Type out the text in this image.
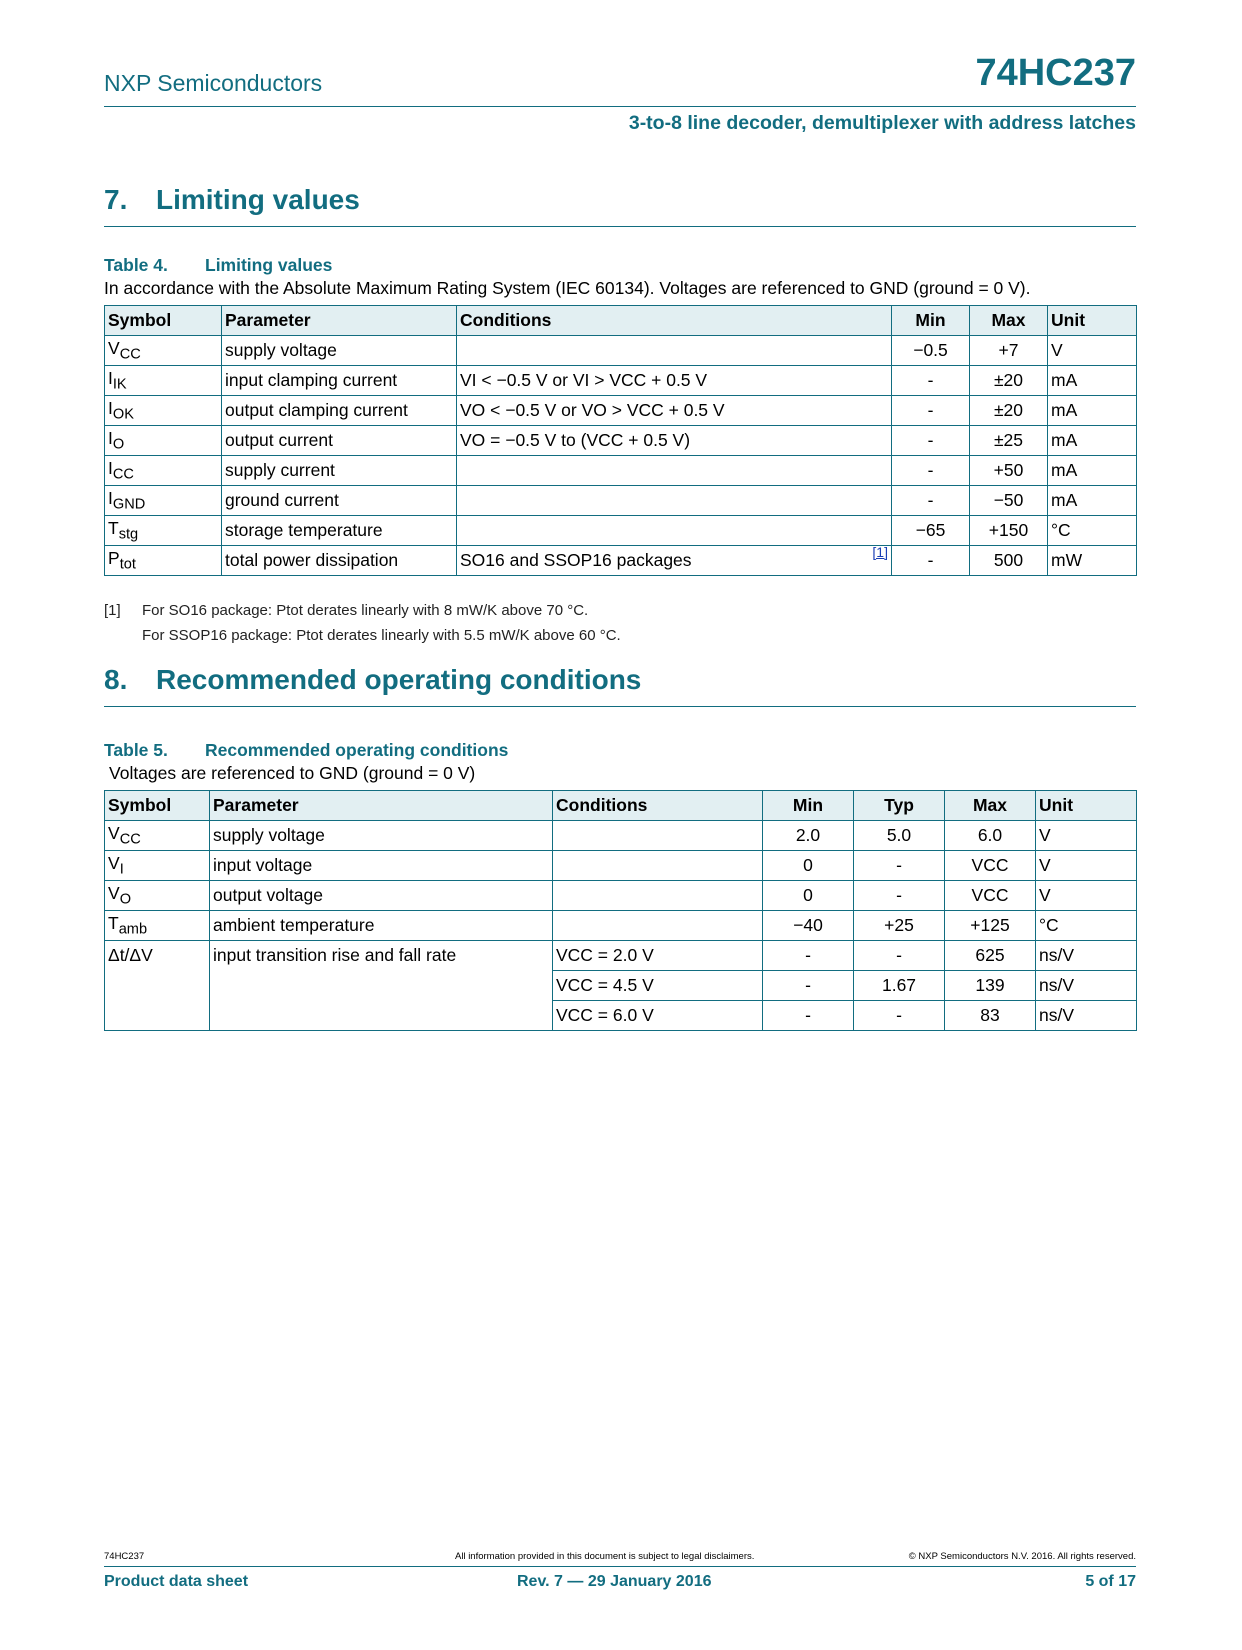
NXP Semiconductors	74HC237
3-to-8 line decoder, demultiplexer with address latches
7. Limiting values
Table 4. Limiting values
In accordance with the Absolute Maximum Rating System (IEC 60134). Voltages are referenced to GND (ground = 0 V).
Symbol	Parameter	Conditions	Min	Max	Unit
$V_{CC}$	supply voltage		−0.5	+7	V
$I_{IK}$	input clamping current	VI < −0.5 V or VI > VCC + 0.5 V	-	±20	mA
$I_{OK}$	output clamping current	VO < −0.5 V or VO > VCC + 0.5 V	-	±20	mA
$I_O$	output current	VO = −0.5 V to (VCC + 0.5 V)	-	±25	mA
$I_{CC}$	supply current		-	+50	mA
$I_{GND}$	ground current		-	−50	mA
$T_{stg}$	storage temperature		−65	+150	°C
$P_{tot}$	total power dissipation	SO16 and SSOP16 packages [1]	-	500	mW
[1] For SO16 package: Ptot derates linearly with 8 mW/K above 70 °C.
For SSOP16 package: Ptot derates linearly with 5.5 mW/K above 60 °C.
8. Recommended operating conditions
Table 5. Recommended operating conditions
Voltages are referenced to GND (ground = 0 V)
Symbol	Parameter	Conditions	Min	Typ	Max	Unit
$V_{CC}$	supply voltage		2.0	5.0	6.0	V
$V_I$	input voltage		0	-	VCC	V
$V_O$	output voltage		0	-	VCC	V
$T_{amb}$	ambient temperature		−40	+25	+125	°C
Δt/ΔV	input transition rise and fall rate	VCC = 2.0 V	-	-	625	ns/V
		VCC = 4.5 V	-	1.67	139	ns/V
		VCC = 6.0 V	-	-	83	ns/V
74HC237	All information provided in this document is subject to legal disclaimers.	© NXP Semiconductors N.V. 2016. All rights reserved.
Product data sheet	Rev. 7 — 29 January 2016	5 of 17
